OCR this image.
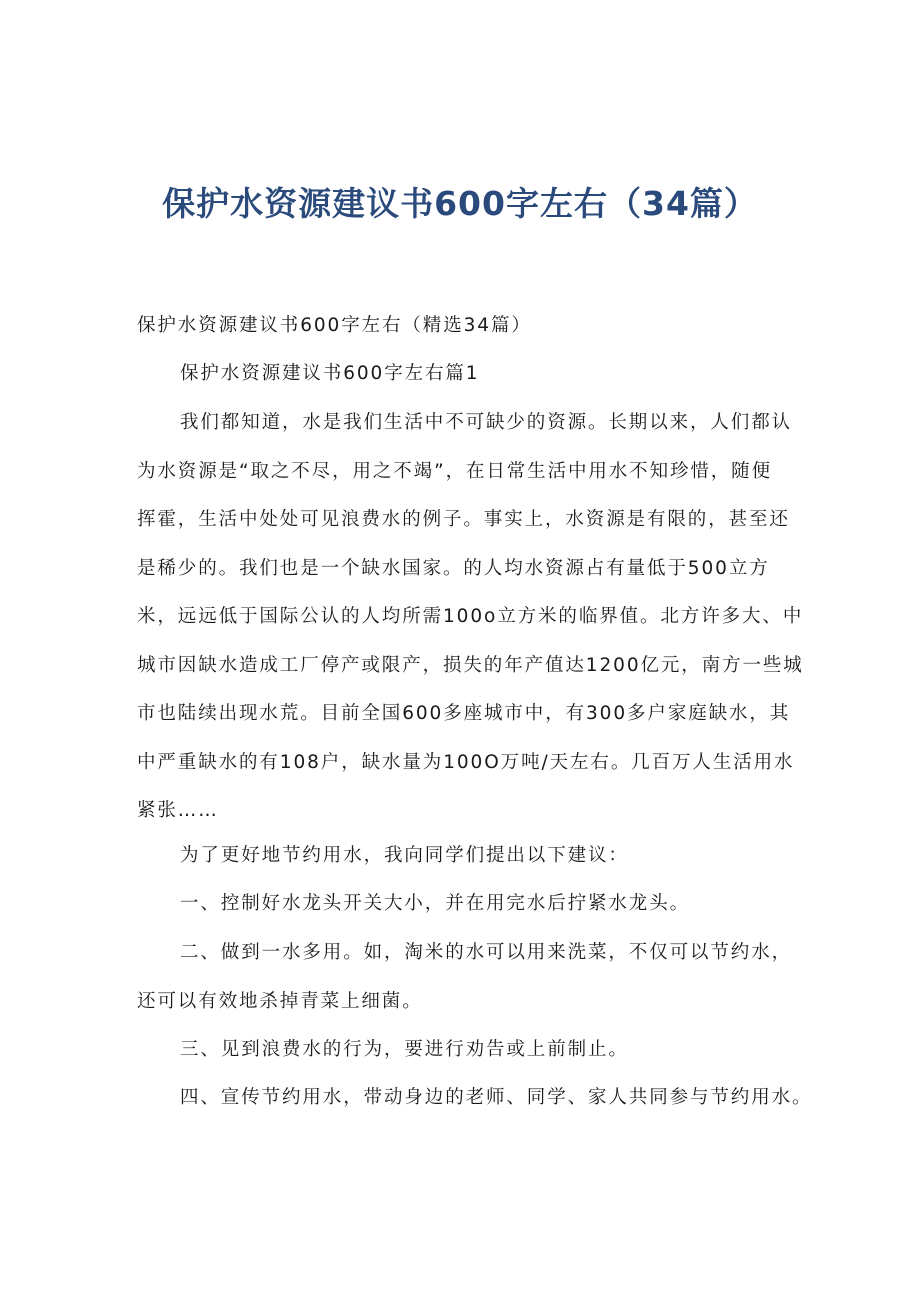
保护水资源建议书600字左右（34篇）

保护水资源建议书600字左右（精选34篇）

保护水资源建议书600字左右篇1

我们都知道，水是我们生活中不可缺少的资源。长期以来，人们都认
为水资源是“取之不尽，用之不竭”，在日常生活中用水不知珍惜，随便
挥霍，生活中处处可见浪费水的例子。事实上，水资源是有限的，甚至还
是稀少的。我们也是一个缺水国家。的人均水资源占有量低于500立方
米，远远低于国际公认的人均所需100o立方米的临界值。北方许多大、中
城市因缺水造成工厂停产或限产，损失的年产值达1200亿元，南方一些城
市也陆续出现水荒。目前全国600多座城市中，有300多户家庭缺水，其
中严重缺水的有108户，缺水量为100O万吨/天左右。几百万人生活用水
紧张……

为了更好地节约用水，我向同学们提出以下建议：

一、控制好水龙头开关大小，并在用完水后拧紧水龙头。

二、做到一水多用。如，淘米的水可以用来洗菜，不仅可以节约水，
还可以有效地杀掉青菜上细菌。

三、见到浪费水的行为，要进行劝告或上前制止。

四、宣传节约用水，带动身边的老师、同学、家人共同参与节约用水。
